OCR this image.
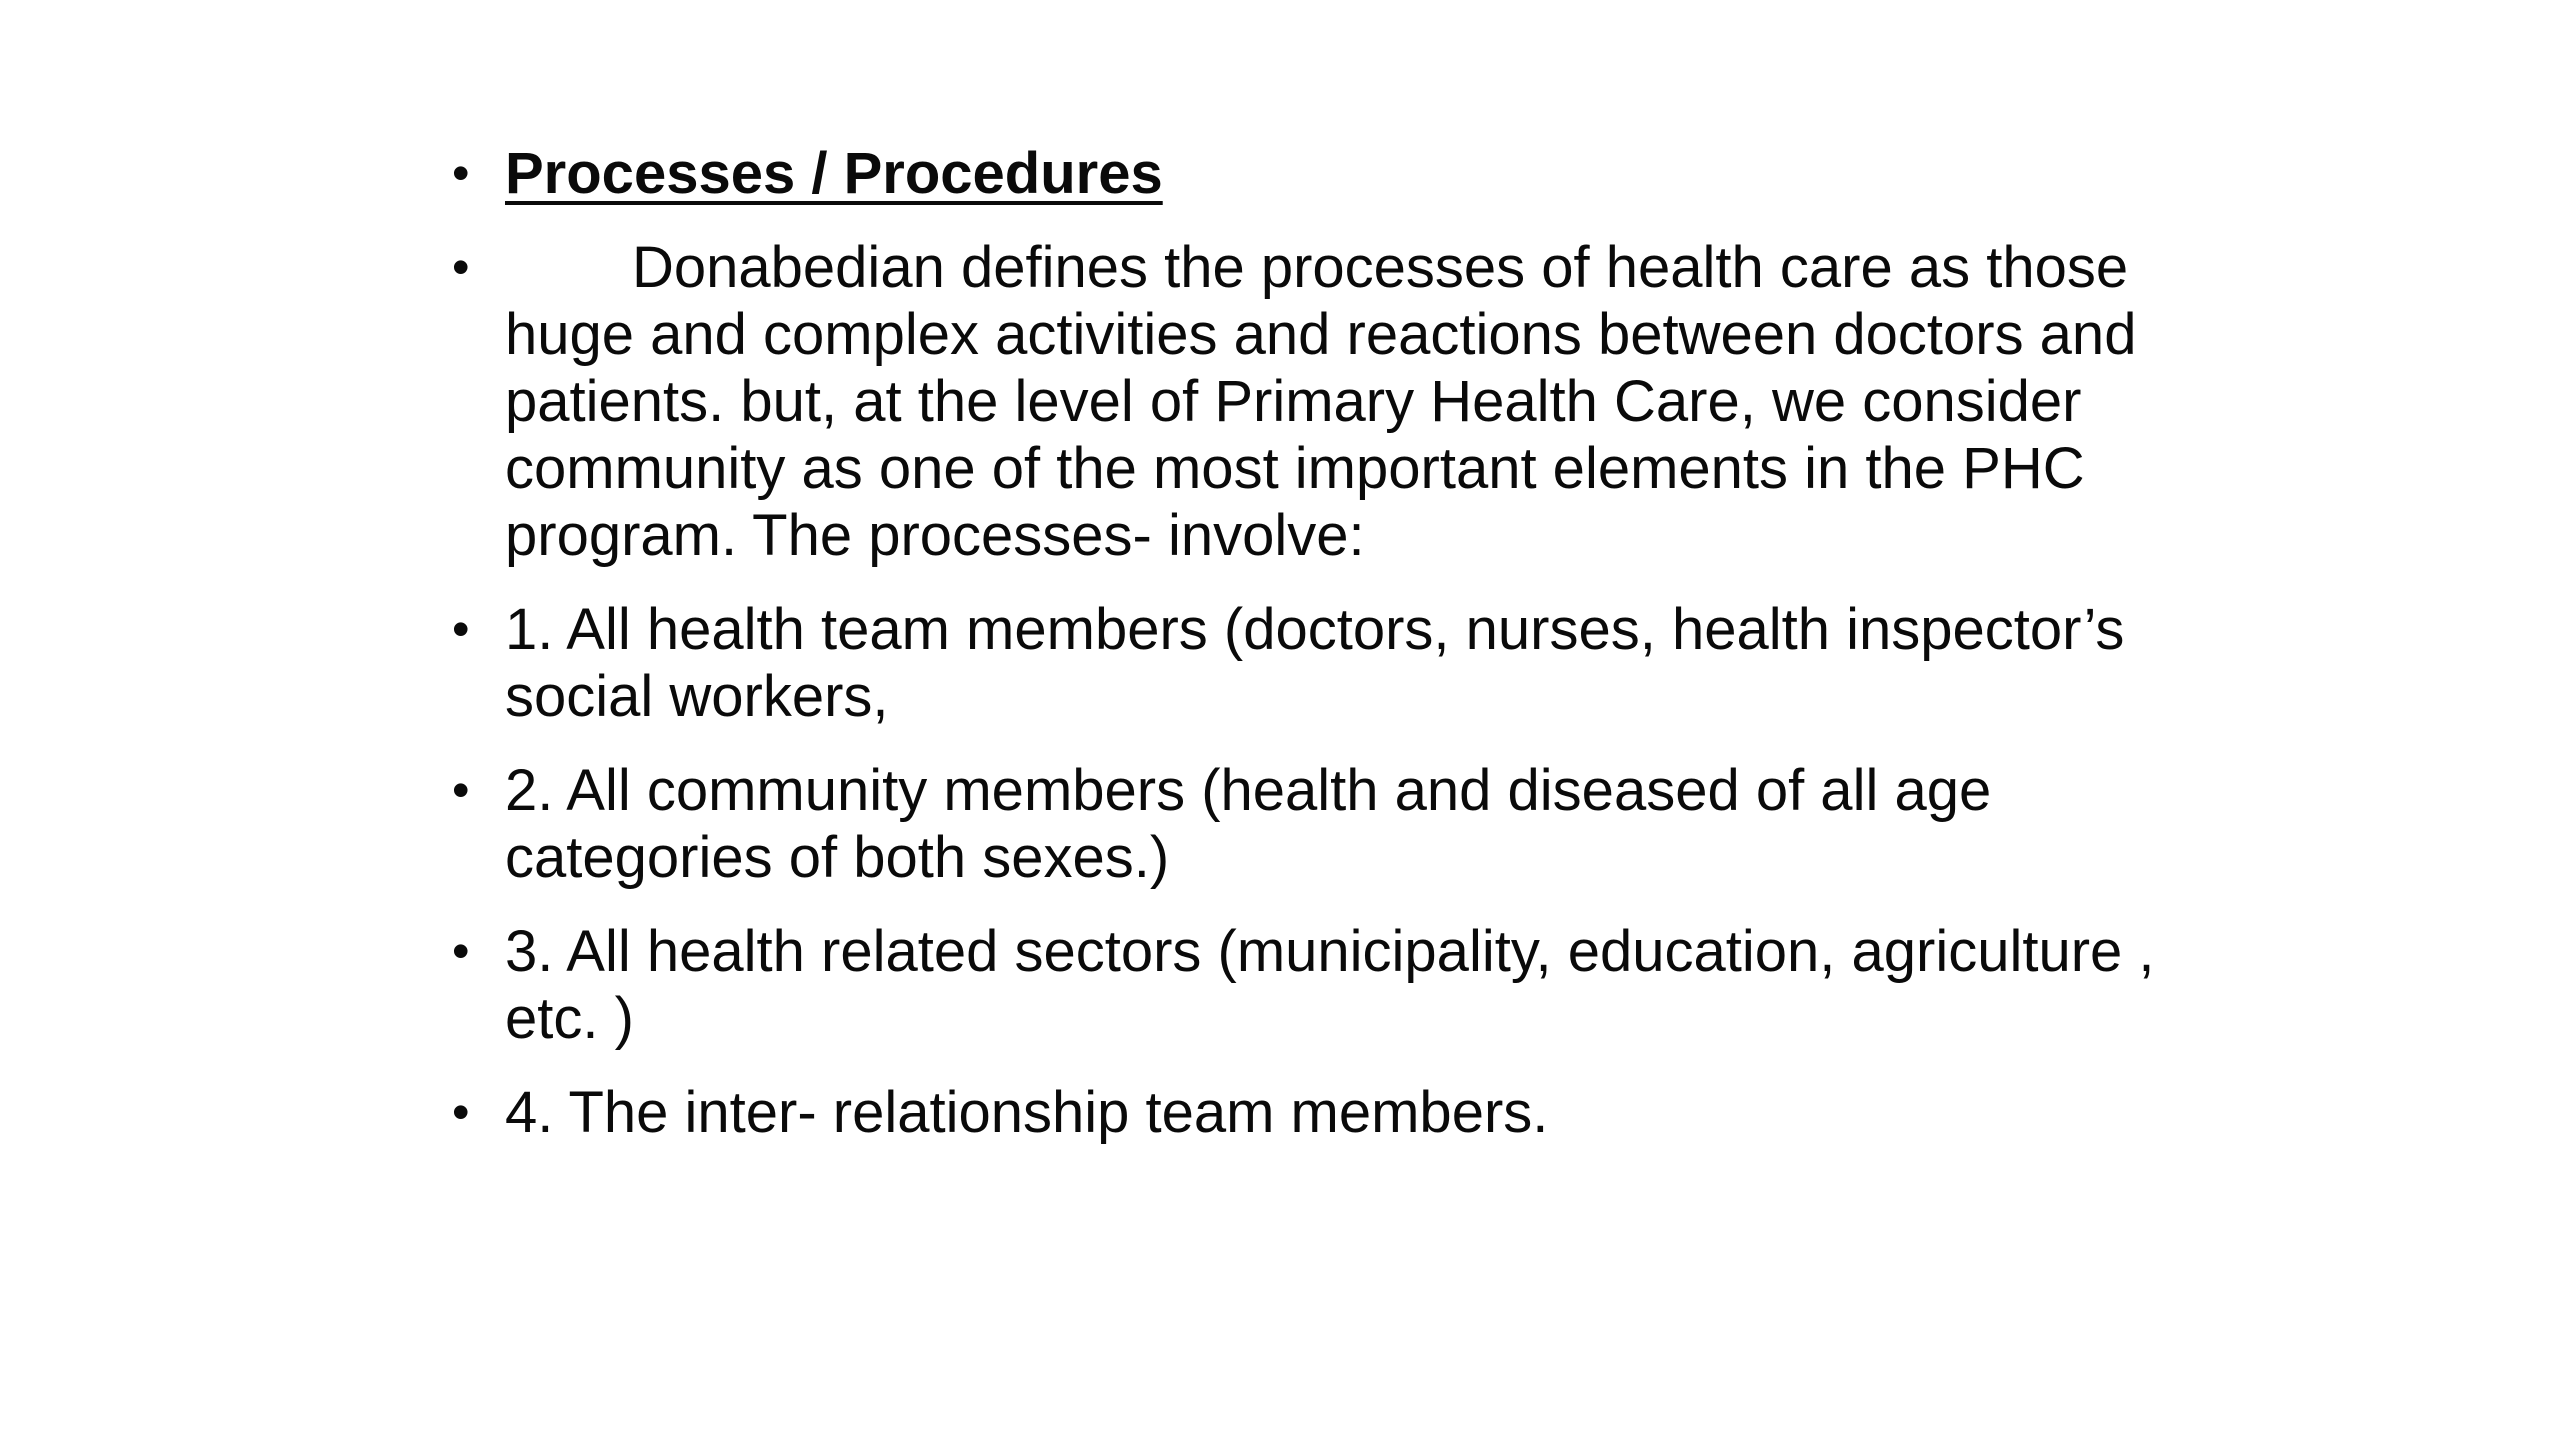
• Processes / Procedures
•	Donabedian defines the processes of health care as those huge and complex activities and reactions between doctors and patients. but, at the level of Primary Health Care, we consider community as one of the most important elements in the PHC program. The processes- involve:
• 1. All health team members (doctors, nurses, health inspector’s social workers,
• 2. All community members (health and diseased of all age categories of both sexes.)
• 3. All health related sectors (municipality, education, agriculture , etc. )
• 4. The inter- relationship team members.
